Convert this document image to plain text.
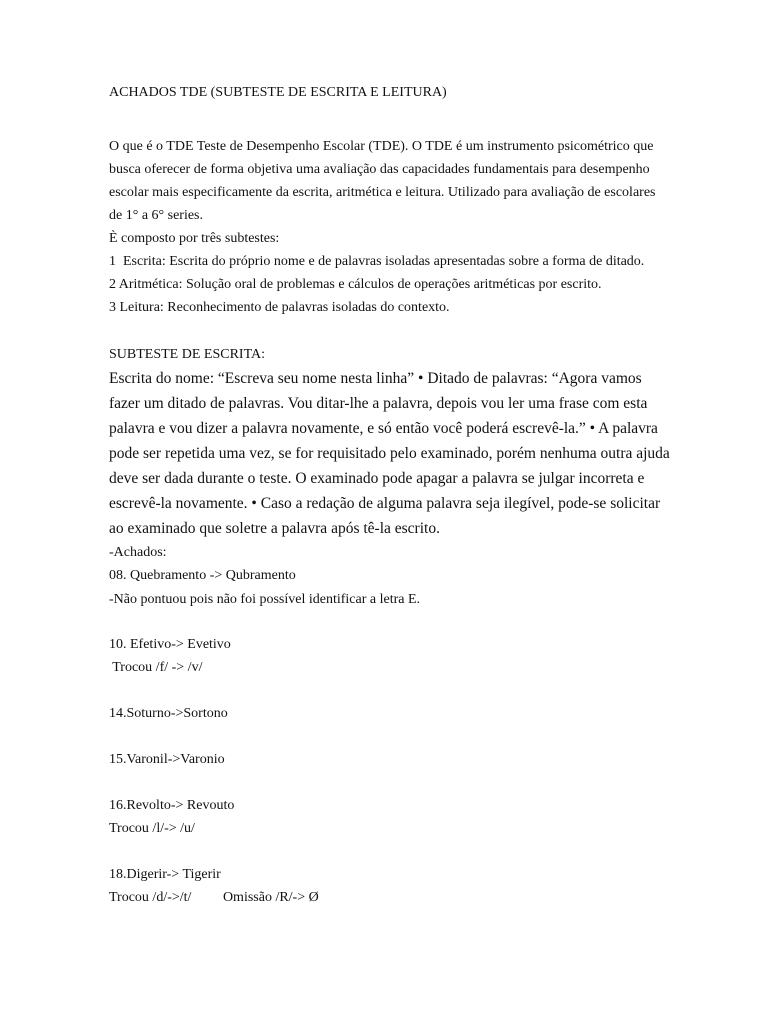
ACHADOS TDE (SUBTESTE DE ESCRITA E LEITURA)

O que é o TDE Teste de Desempenho Escolar (TDE). O TDE é um instrumento psicométrico que

busca oferecer de forma objetiva uma avaliação das capacidades fundamentais para desempenho

escolar mais especificamente da escrita, aritmética e leitura. Utilizado para avaliação de escolares

de 1° a 6° series.

È composto por três subtestes:

1  Escrita: Escrita do próprio nome e de palavras isoladas apresentadas sobre a forma de ditado.

2 Aritmética: Solução oral de problemas e cálculos de operações aritméticas por escrito.

3 Leitura: Reconhecimento de palavras isoladas do contexto.

SUBTESTE DE ESCRITA:

Escrita do nome: “Escreva seu nome nesta linha” • Ditado de palavras: “Agora vamos

fazer um ditado de palavras. Vou ditar-lhe a palavra, depois vou ler uma frase com esta

palavra e vou dizer a palavra novamente, e só então você poderá escrevê-la.” • A palavra

pode ser repetida uma vez, se for requisitado pelo examinado, porém nenhuma outra ajuda

deve ser dada durante o teste. O examinado pode apagar a palavra se julgar incorreta e

escrevê-la novamente. • Caso a redação de alguma palavra seja ilegível, pode-se solicitar

ao examinado que soletre a palavra após tê-la escrito.

-Achados:

08. Quebramento -> Qubramento

-Não pontuou pois não foi possível identificar a letra E.

10. Efetivo-> Evetivo

Trocou /f/ -> /v/

14.Soturno->Sortono

15.Varonil->Varonio

16.Revolto-> Revouto

Trocou /l/-> /u/

18.Digerir-> Tigerir

Trocou /d/->/t/         Omissão /R/-> Ø
